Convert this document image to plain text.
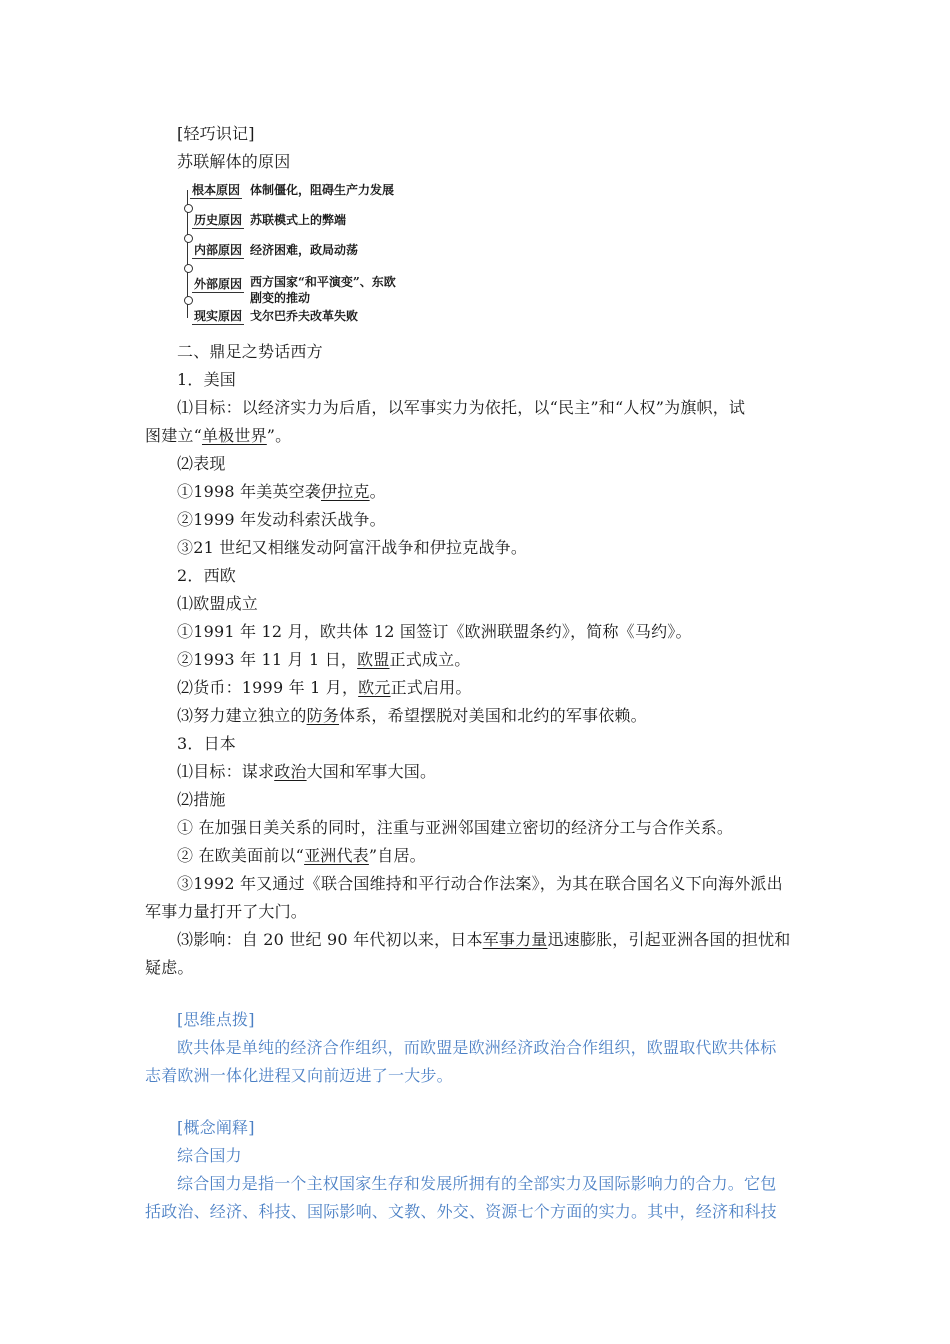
[轻巧识记]
苏联解体的原因
根本原因 体制僵化，阻碍生产力发展
历史原因 苏联模式上的弊端
内部原因 经济困难，政局动荡
外部原因 西方国家“和平演变”、东欧
剧变的推动
现实原因 戈尔巴乔夫改革失败
二、鼎足之势话西方
1．美国
⑴目标：以经济实力为后盾，以军事实力为依托，以“民主”和“人权”为旗帜，试
图建立“单极世界”。
⑵表现
①1998 年美英空袭伊拉克。
②1999 年发动科索沃战争。
③21 世纪又相继发动阿富汗战争和伊拉克战争。
2．西欧
⑴欧盟成立
①1991 年 12 月，欧共体 12 国签订《欧洲联盟条约》，简称《马约》。
②1993 年 11 月 1 日，欧盟正式成立。
⑵货币：1999 年 1 月，欧元正式启用。
⑶努力建立独立的防务体系，希望摆脱对美国和北约的军事依赖。
3．日本
⑴目标：谋求政治大国和军事大国。
⑵措施
① 在加强日美关系的同时，注重与亚洲邻国建立密切的经济分工与合作关系。
② 在欧美面前以“亚洲代表”自居。
③1992 年又通过《联合国维持和平行动合作法案》，为其在联合国名义下向海外派出
军事力量打开了大门。
⑶影响：自 20 世纪 90 年代初以来，日本军事力量迅速膨胀，引起亚洲各国的担忧和
疑虑。
[思维点拨]
欧共体是单纯的经济合作组织，而欧盟是欧洲经济政治合作组织，欧盟取代欧共体标
志着欧洲一体化进程又向前迈进了一大步。
[概念阐释]
综合国力
综合国力是指一个主权国家生存和发展所拥有的全部实力及国际影响力的合力。它包
括政治、经济、科技、国际影响、文教、外交、资源七个方面的实力。其中，经济和科技
